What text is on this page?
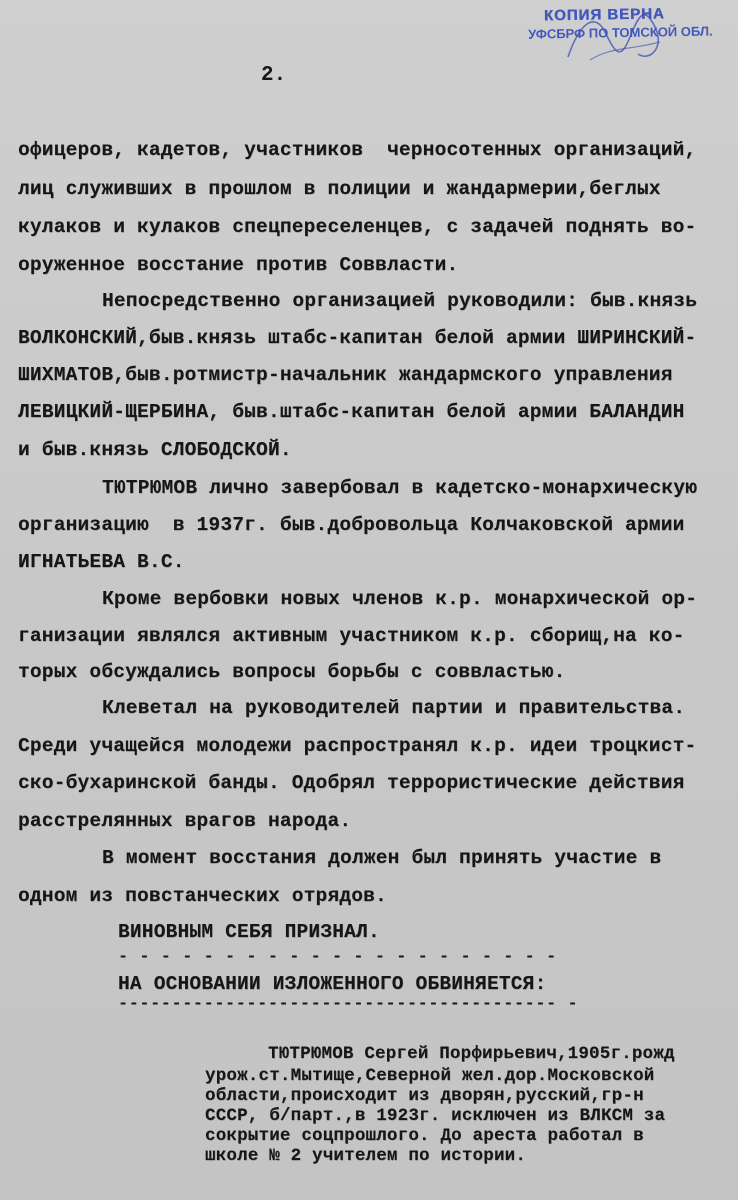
КОПИЯ ВЕРНА
УФСБРФ ПО ТОМСКОЙ ОБЛ.
2.
офицеров, кадетов, участников  черносотенных организаций,
лиц служивших в прошлом в полиции и жандармерии,беглых
кулаков и кулаков спецпереселенцев, с задачей поднять во-
оруженное восстание против Соввласти.
Непосредственно организацией руководили: быв.князь
ВОЛКОНСКИЙ,быв.князь штабс-капитан белой армии ШИРИНСКИЙ-
ШИХМАТОВ,быв.ротмистр-начальник жандармского управления
ЛЕВИЦКИЙ-ЩЕРБИНА, быв.штабс-капитан белой армии БАЛАНДИН
и быв.князь СЛОБОДСКОЙ.
ТЮТРЮМОВ лично завербовал в кадетско-монархическую
организацию  в 1937г. быв.добровольца Колчаковской армии
ИГНАТЬЕВА В.С.
Кроме вербовки новых членов к.р. монархической ор-
ганизации являлся активным участником к.р. сборищ,на ко-
торых обсуждались вопросы борьбы с соввластью.
Клеветал на руководителей партии и правительства.
Среди учащейся молодежи распространял к.р. идеи троцкист-
ско-бухаринской банды. Одобрял террористические действия
расстрелянных врагов народа.
В момент восстания должен был принять участие в
одном из повстанческих отрядов.
ВИНОВНЫМ СЕБЯ ПРИЗНАЛ.
- - - - - - - - - - - - - - - - - - - - -
НА ОСНОВАНИИ ИЗЛОЖЕННОГО ОБВИНЯЕТСЯ:
----------------------------------------- -
ТЮТРЮМОВ Сергей Порфирьевич,1905г.рожд
урож.ст.Мытище,Северной жел.дор.Московской
области,происходит из дворян,русский,гр-н
СССР, б/парт.,в 1923г. исключен из ВЛКСМ за
сокрытие соцпрошлого. До ареста работал в
школе № 2 учителем по истории.
